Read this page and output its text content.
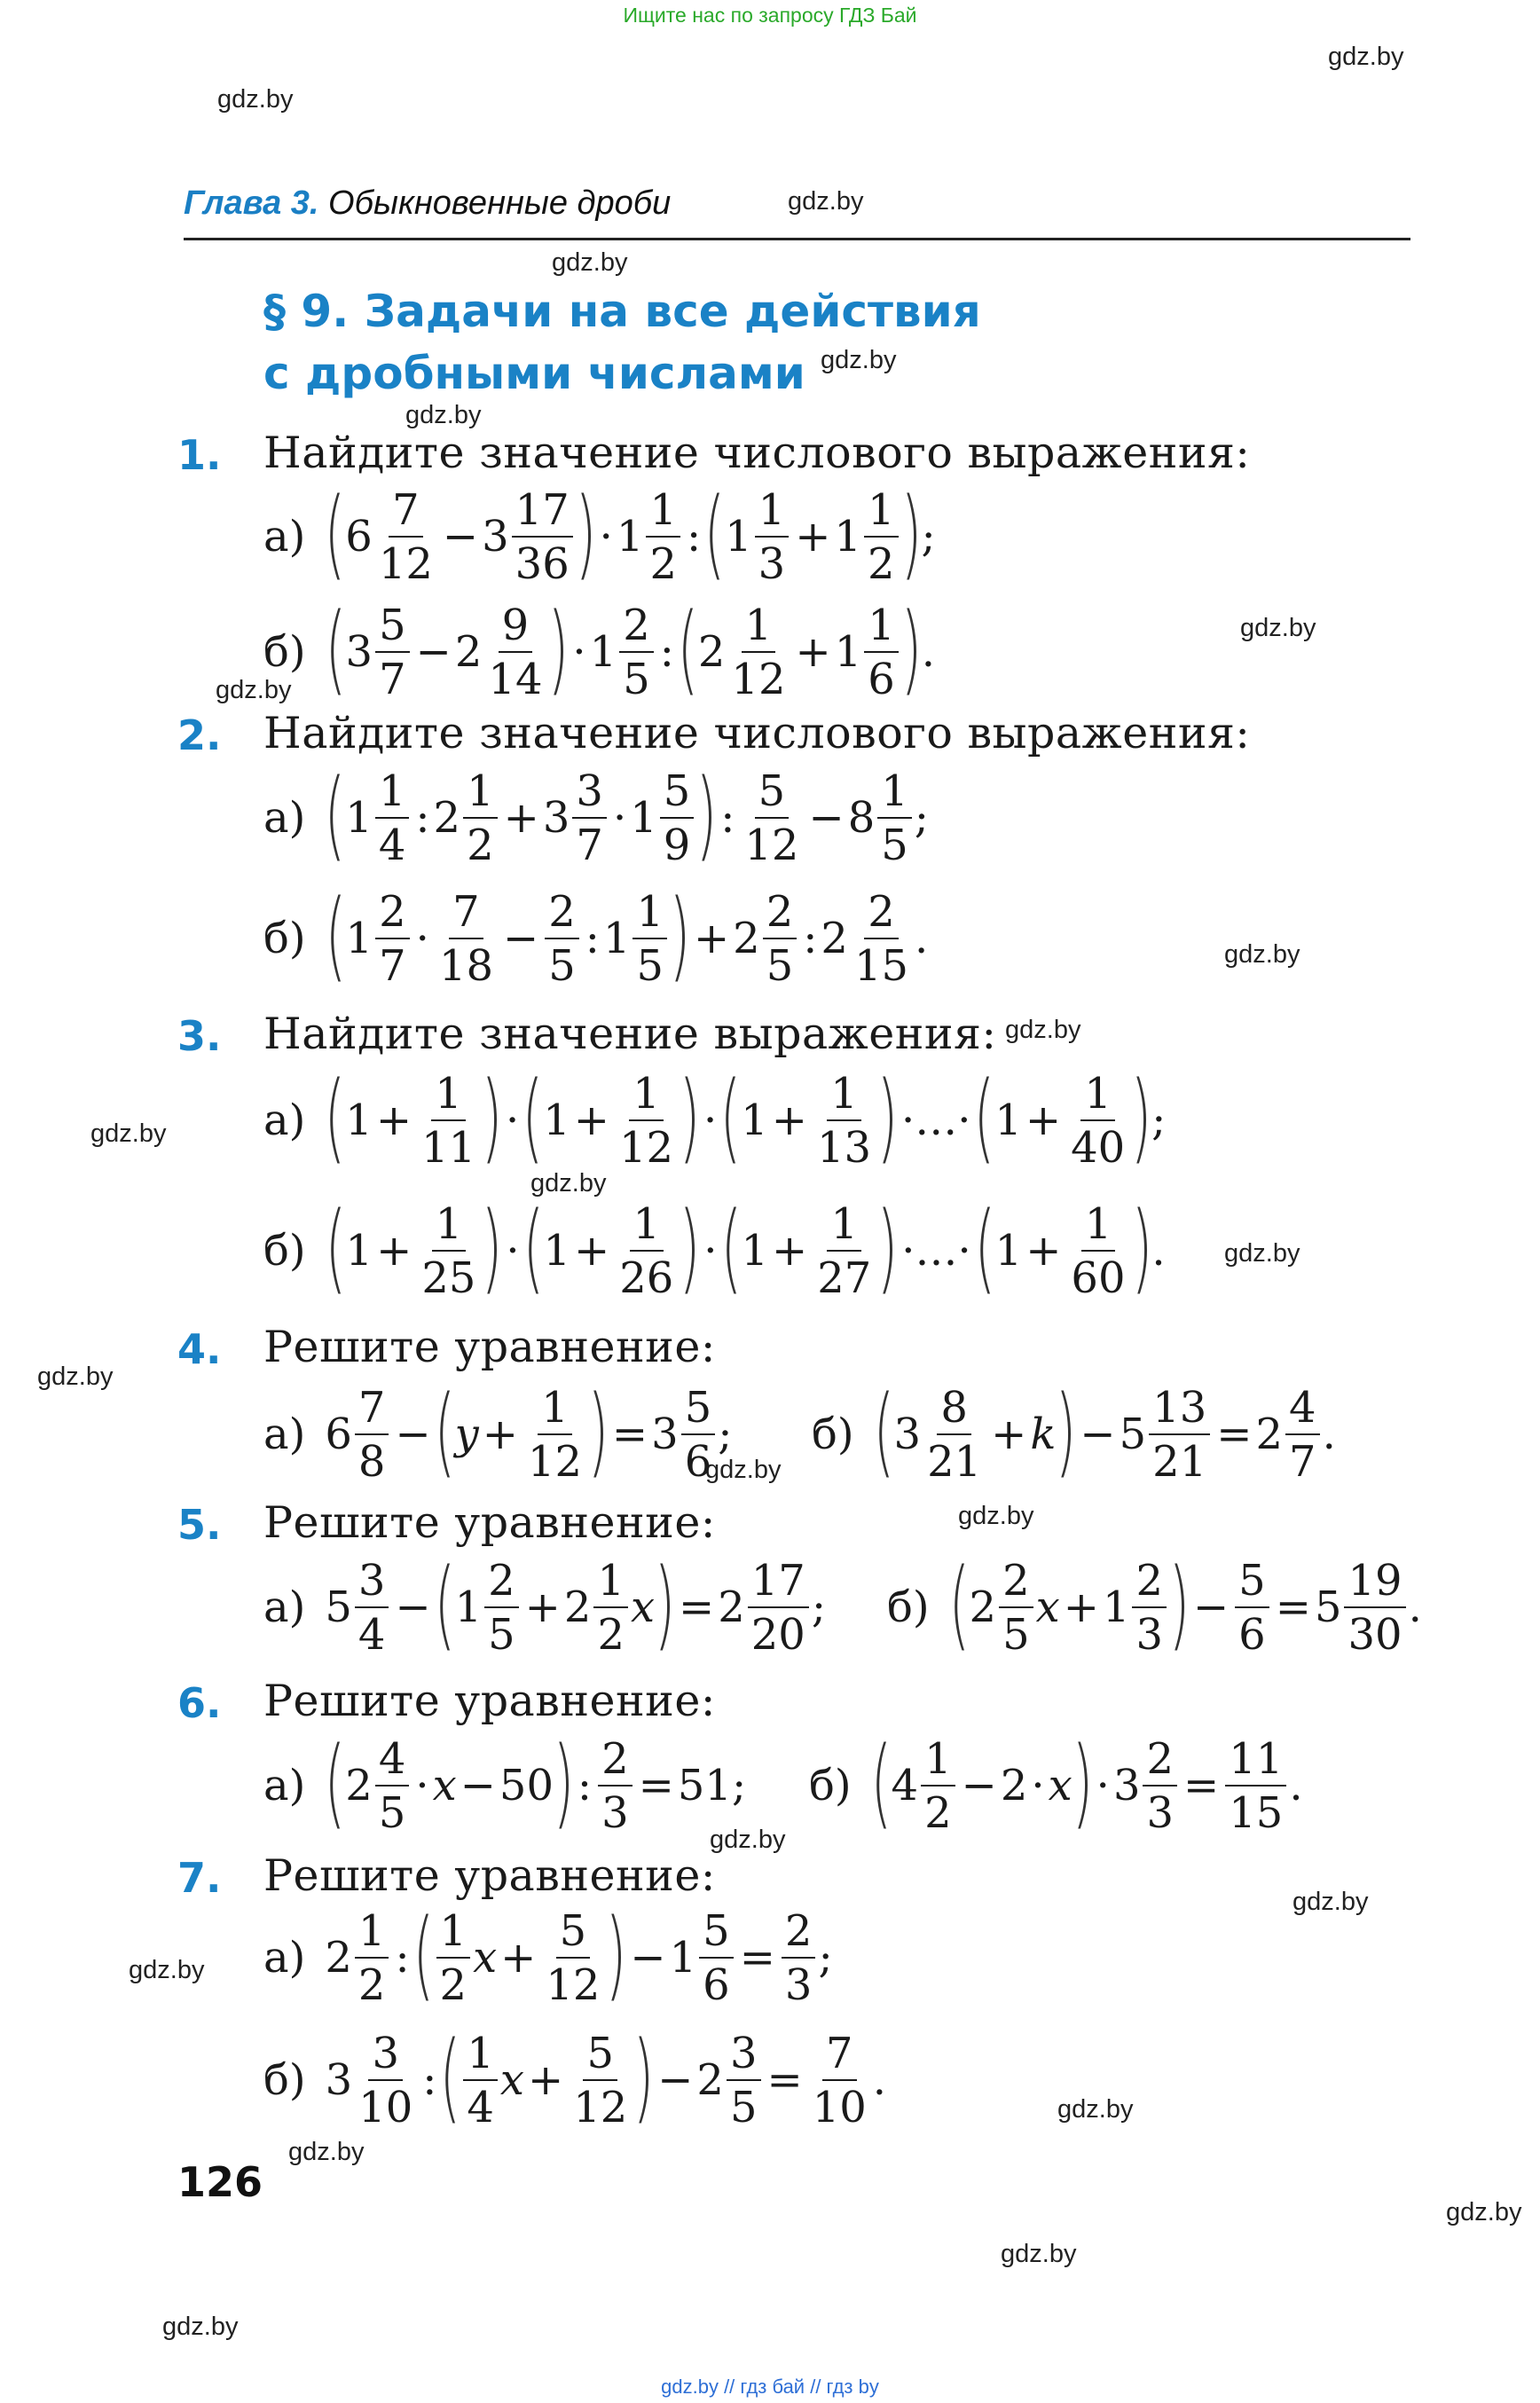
Ищите нас по запросу ГДЗ Бай
gdz.by
gdz.by
gdz.by
gdz.by
gdz.by
gdz.by
gdz.by
gdz.by
gdz.by
gdz.by
gdz.by
gdz.by
gdz.by
gdz.by
gdz.by
gdz.by
gdz.by
gdz.by
gdz.by
gdz.by
gdz.by
gdz.by
gdz.by
gdz.by
Глава 3. Обыкновенные дроби
§ 9. Задачи на все действия
с дробными числами
1. Найдите значение числового выражения:
а) ( $6 \frac{7}{12} - 3 \frac{17}{36}$ ) · $1 \frac{1}{2}$ : ( $1 \frac{1}{3} + 1 \frac{1}{2}$ ) ;
б) ( $3 \frac{5}{7} - 2 \frac{9}{14}$ ) · $1 \frac{2}{5}$ : ( $2 \frac{1}{12} + 1 \frac{1}{6}$ ) .
2. Найдите значение числового выражения:
а) ( $1 \frac{1}{4}$ : $2 \frac{1}{2} + 3 \frac{3}{7} \cdot 1 \frac{5}{9}$ ) : $\frac{5}{12} - 8 \frac{1}{5}$ ;
б) ( $1 \frac{2}{7} \cdot \frac{7}{18} - \frac{2}{5}$ : $1 \frac{1}{5}$ ) + $2 \frac{2}{5}$ : $2 \frac{2}{15}$ .
3. Найдите значение выражения:
а) ( $1 + \frac{1}{11}$ ) · ( $1 + \frac{1}{12}$ ) · ( $1 + \frac{1}{13}$ ) ·…· ( $1 + \frac{1}{40}$ ) ;
б) ( $1 + \frac{1}{25}$ ) · ( $1 + \frac{1}{26}$ ) · ( $1 + \frac{1}{27}$ ) ·…· ( $1 + \frac{1}{60}$ ) .
4. Решите уравнение:
а) $6 \frac{7}{8}$ − ( $y + \frac{1}{12}$ ) = $3 \frac{5}{6}$ ; б) ( $3 \frac{8}{21} + k$ ) − $5 \frac{13}{21} = 2 \frac{4}{7}$ .
5. Решите уравнение:
а) $5 \frac{3}{4}$ − ( $1 \frac{2}{5} + 2 \frac{1}{2}$ x ) = $2 \frac{17}{20}$ ; б) ( $2 \frac{2}{5}$ $x + 1 \frac{2}{3}$ ) − $\frac{5}{6} = 5 \frac{19}{30}$ .
6. Решите уравнение:
а) ( $2 \frac{4}{5} \cdot x - 50$ ) : $\frac{2}{3} = 51$; б) ( $4 \frac{1}{2} - 2 \cdot x$ ) · $3 \frac{2}{3} = \frac{11}{15}$ .
7. Решите уравнение:
а) $2 \frac{1}{2}$ : ( $\frac{1}{2}$ $x + \frac{5}{12}$ ) − $1 \frac{5}{6} = \frac{2}{3}$ ;
б) $3 \frac{3}{10}$ : ( $\frac{1}{4}$ $x + \frac{5}{12}$ ) − $2 \frac{3}{5} = \frac{7}{10}$ .
126
gdz.by // гдз бай // гдз by
